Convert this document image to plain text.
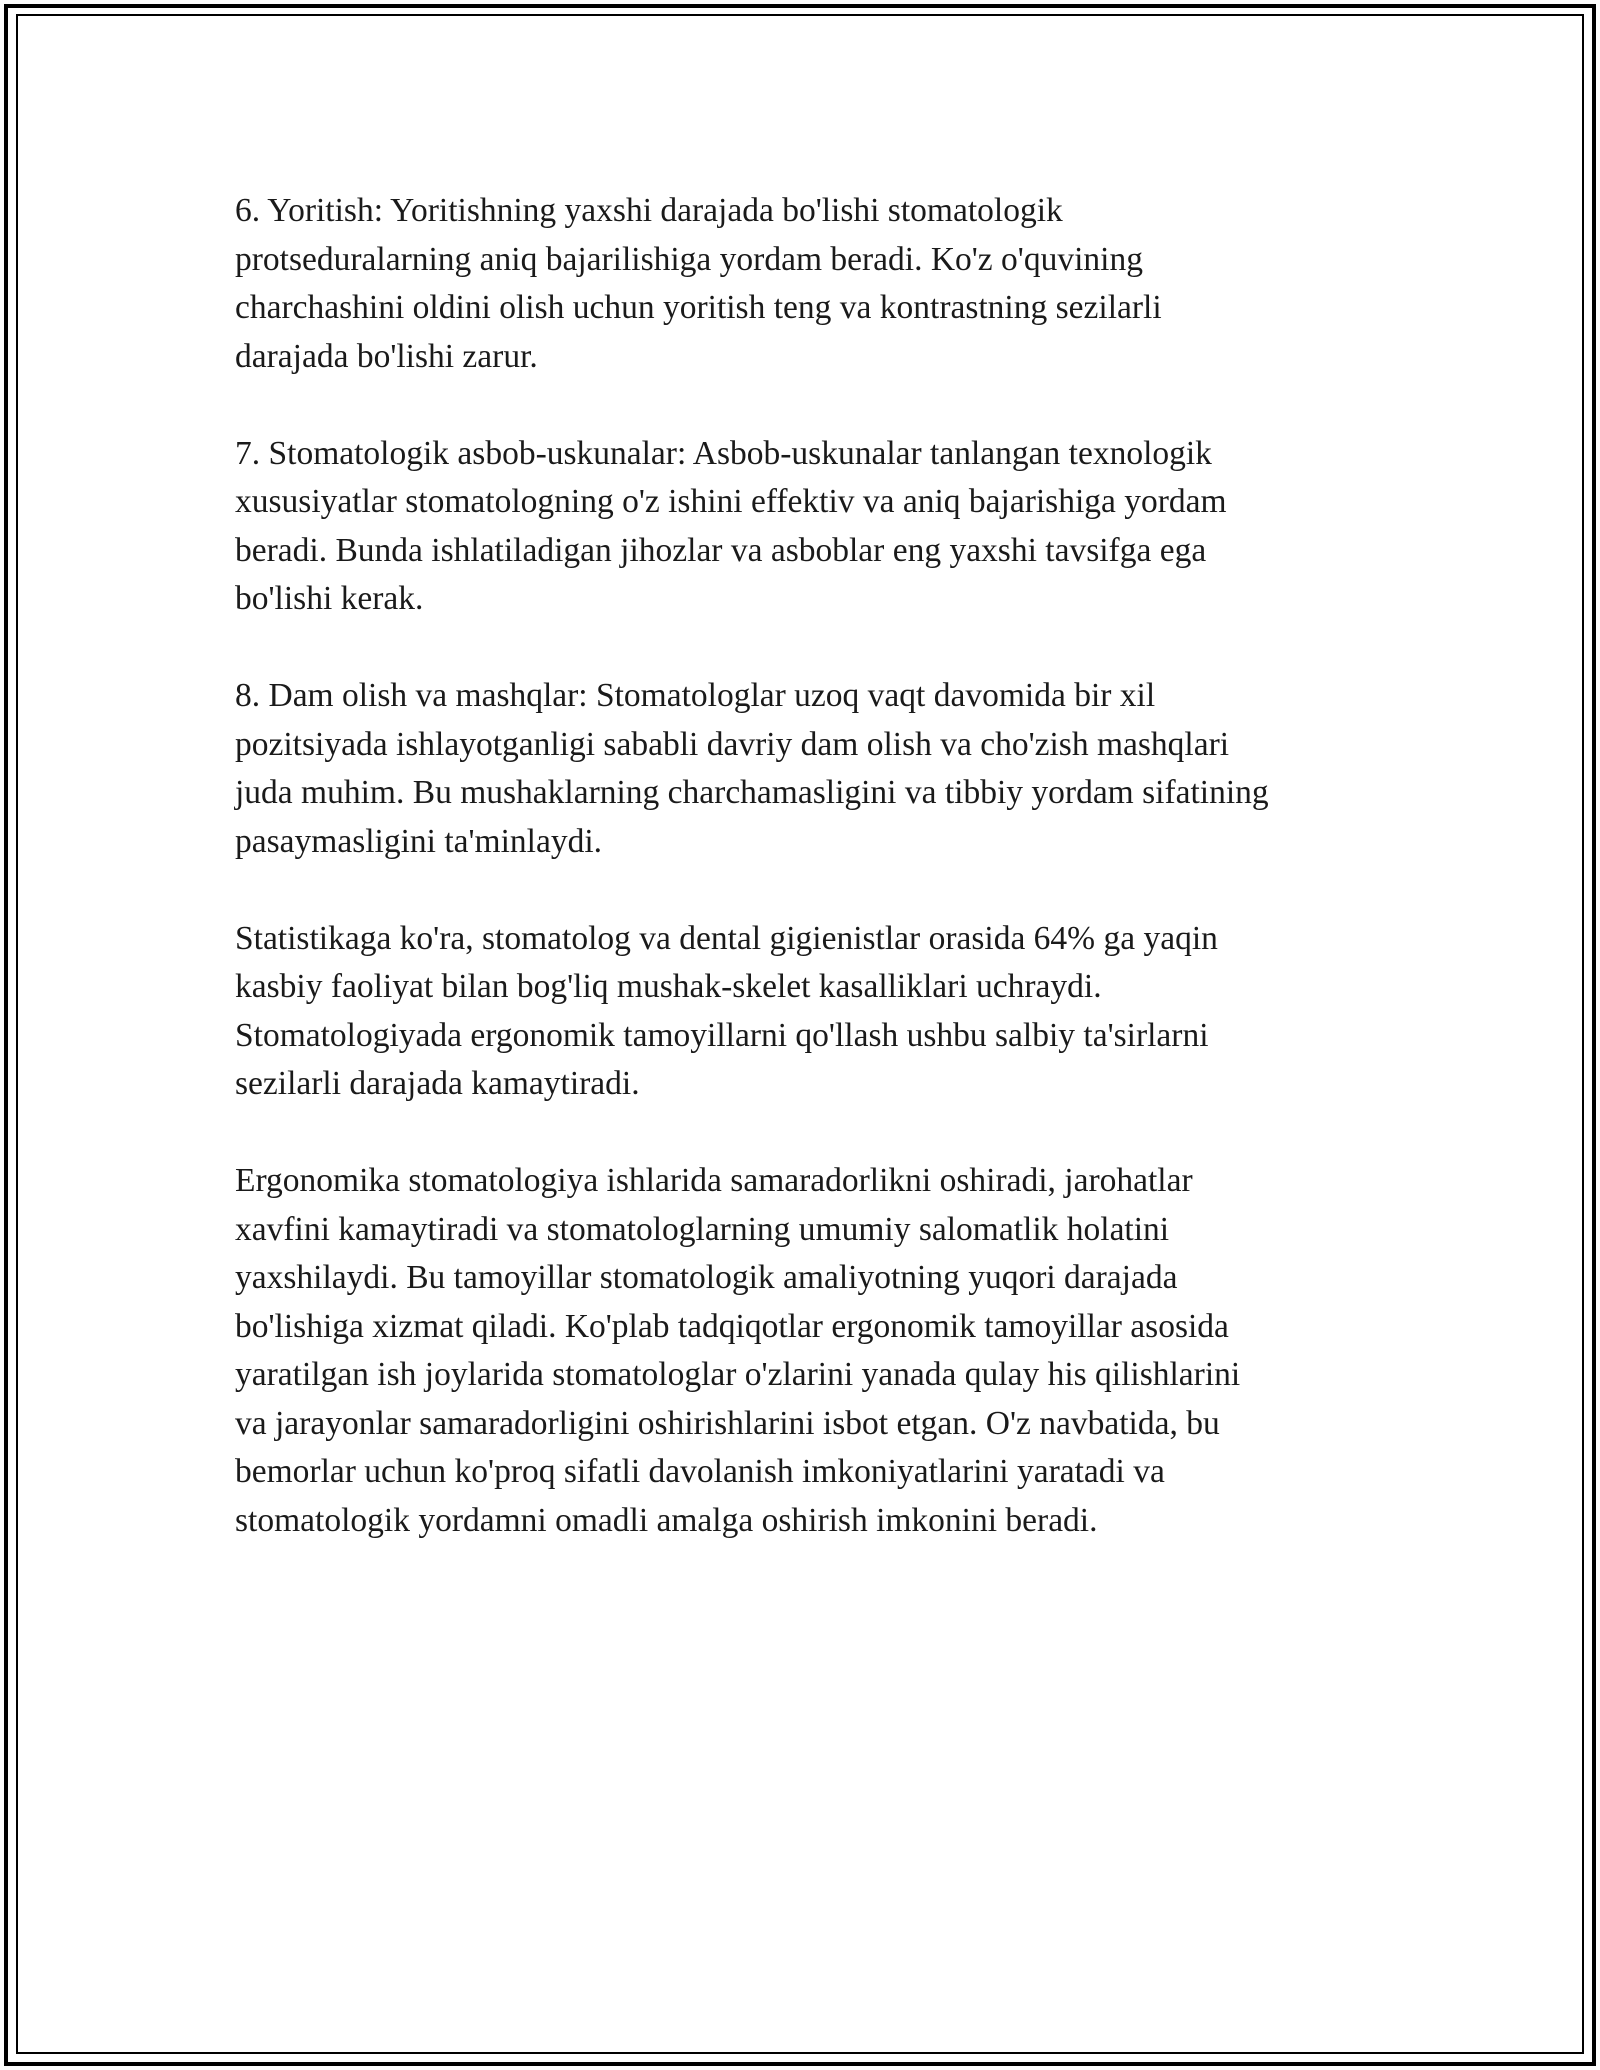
6. Yoritish: Yoritishning yaxshi darajada bo'lishi stomatologik
protseduralarning aniq bajarilishiga yordam beradi. Ko'z o'quvining
charchashini oldini olish uchun yoritish teng va kontrastning sezilarli
darajada bo'lishi zarur.

7. Stomatologik asbob-uskunalar: Asbob-uskunalar tanlangan texnologik
xususiyatlar stomatologning o'z ishini effektiv va aniq bajarishiga yordam
beradi. Bunda ishlatiladigan jihozlar va asboblar eng yaxshi tavsifga ega
bo'lishi kerak.

8. Dam olish va mashqlar: Stomatologlar uzoq vaqt davomida bir xil
pozitsiyada ishlayotganligi sababli davriy dam olish va cho'zish mashqlari
juda muhim. Bu mushaklarning charchamasligini va tibbiy yordam sifatining
pasaymasligini ta'minlaydi.

Statistikaga ko'ra, stomatolog va dental gigienistlar orasida 64% ga yaqin
kasbiy faoliyat bilan bog'liq mushak-skelet kasalliklari uchraydi.
Stomatologiyada ergonomik tamoyillarni qo'llash ushbu salbiy ta'sirlarni
sezilarli darajada kamaytiradi.

Ergonomika stomatologiya ishlarida samaradorlikni oshiradi, jarohatlar
xavfini kamaytiradi va stomatologlarning umumiy salomatlik holatini
yaxshilaydi. Bu tamoyillar stomatologik amaliyotning yuqori darajada
bo'lishiga xizmat qiladi. Ko'plab tadqiqotlar ergonomik tamoyillar asosida
yaratilgan ish joylarida stomatologlar o'zlarini yanada qulay his qilishlarini
va jarayonlar samaradorligini oshirishlarini isbot etgan. O'z navbatida, bu
bemorlar uchun ko'proq sifatli davolanish imkoniyatlarini yaratadi va
stomatologik yordamni omadli amalga oshirish imkonini beradi.
